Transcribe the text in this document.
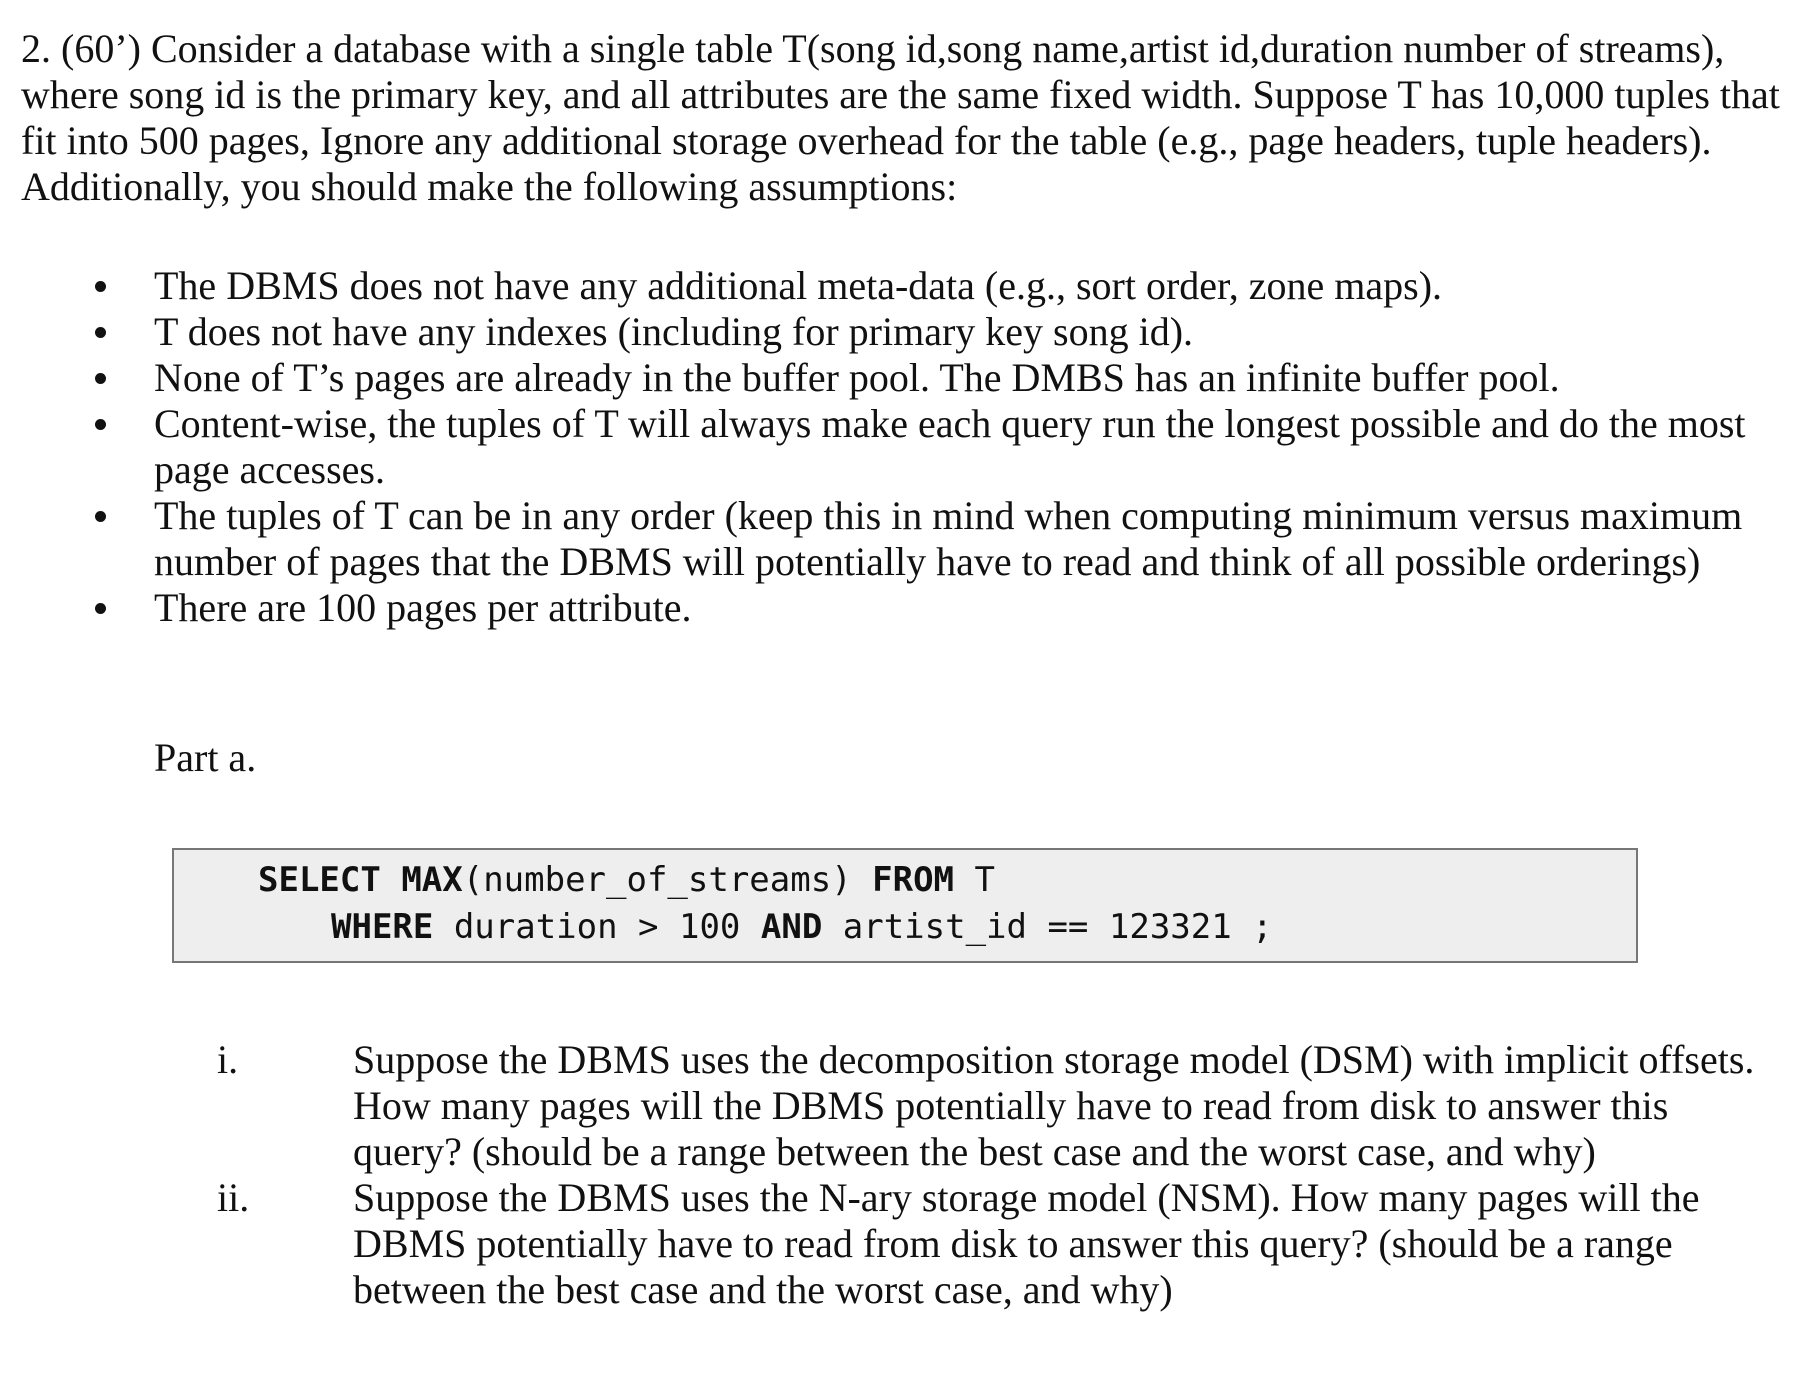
2. (60’) Consider a database with a single table T(song id,song name,artist id,duration number of streams), where song id is the primary key, and all attributes are the same fixed width. Suppose T has 10,000 tuples that fit into 500 pages, Ignore any additional storage overhead for the table (e.g., page headers, tuple headers). Additionally, you should make the following assumptions:

The DBMS does not have any additional meta-data (e.g., sort order, zone maps).
T does not have any indexes (including for primary key song id).
None of T’s pages are already in the buffer pool. The DMBS has an infinite buffer pool.
Content-wise, the tuples of T will always make each query run the longest possible and do the most page accesses.
The tuples of T can be in any order (keep this in mind when computing minimum versus maximum number of pages that the DBMS will potentially have to read and think of all possible orderings)
There are 100 pages per attribute.

Part a.

SELECT MAX(number_of_streams) FROM T
WHERE duration > 100 AND artist_id == 123321 ;
i.	Suppose the DBMS uses the decomposition storage model (DSM) with implicit offsets. How many pages will the DBMS potentially have to read from disk to answer this query? (should be a range between the best case and the worst case, and why)
ii.	Suppose the DBMS uses the N-ary storage model (NSM). How many pages will the DBMS potentially have to read from disk to answer this query? (should be a range between the best case and the worst case, and why)
